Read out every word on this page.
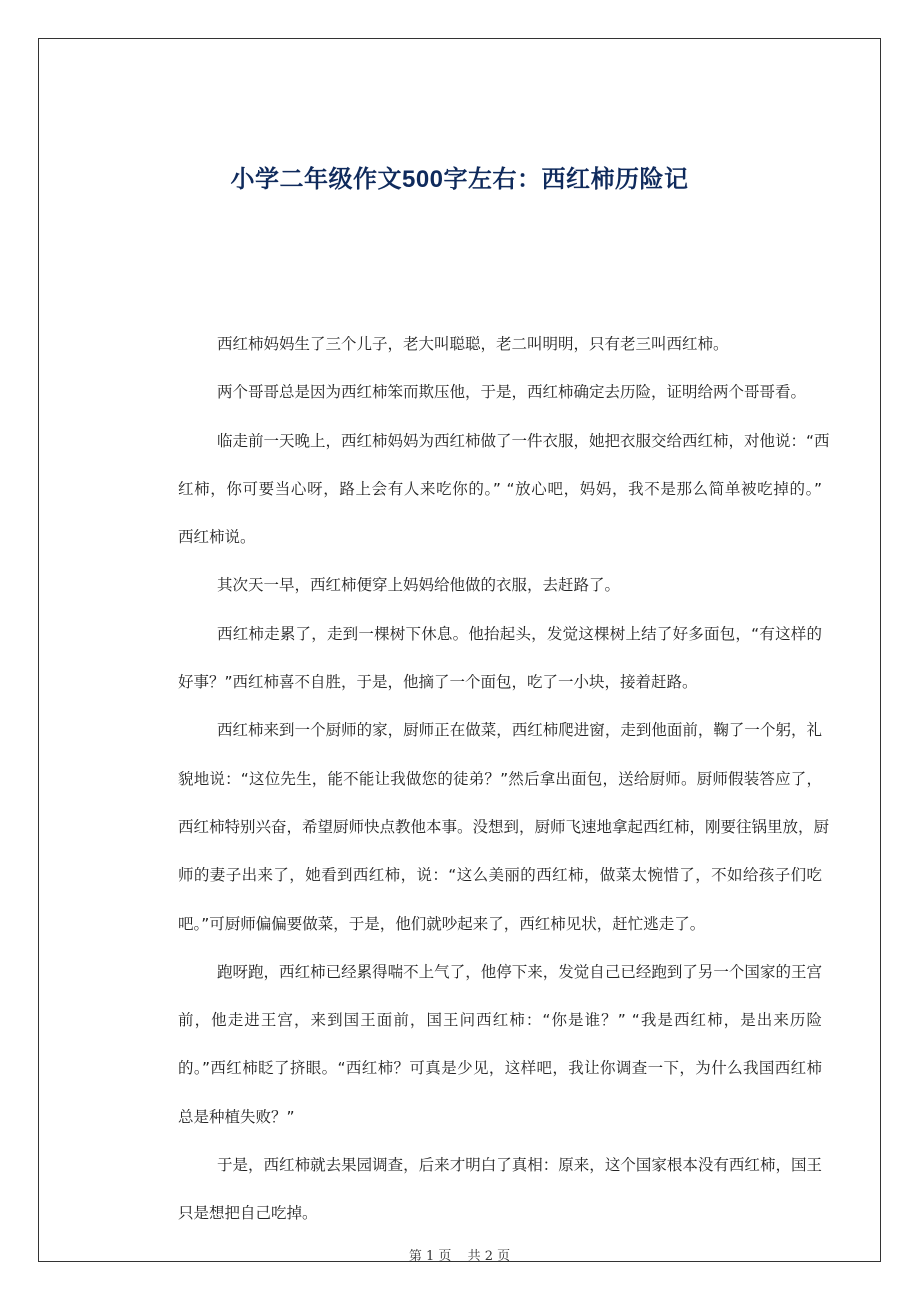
小学二年级作文500字左右：西红柿历险记
西红柿妈妈生了三个儿子，老大叫聪聪，老二叫明明，只有老三叫西红柿。
两个哥哥总是因为西红柿笨而欺压他，于是，西红柿确定去历险，证明给两个哥哥看。
临走前一天晚上，西红柿妈妈为西红柿做了一件衣服，她把衣服交给西红柿，对他说：“西
红柿，你可要当心呀，路上会有人来吃你的。” “放心吧，妈妈，我不是那么简单被吃掉的。”
西红柿说。
其次天一早，西红柿便穿上妈妈给他做的衣服，去赶路了。
西红柿走累了，走到一棵树下休息。他抬起头，发觉这棵树上结了好多面包，“有这样的
好事？”西红柿喜不自胜，于是，他摘了一个面包，吃了一小块，接着赶路。
西红柿来到一个厨师的家，厨师正在做菜，西红柿爬进窗，走到他面前，鞠了一个躬，礼
貌地说：“这位先生，能不能让我做您的徒弟？”然后拿出面包，送给厨师。厨师假装答应了，
西红柿特别兴奋，希望厨师快点教他本事。没想到，厨师飞速地拿起西红柿，刚要往锅里放，厨
师的妻子出来了，她看到西红柿，说：“这么美丽的西红柿，做菜太惋惜了，不如给孩子们吃
吧。”可厨师偏偏要做菜，于是，他们就吵起来了，西红柿见状，赶忙逃走了。
跑呀跑，西红柿已经累得喘不上气了，他停下来，发觉自己已经跑到了另一个国家的王宫
前，他走进王宫，来到国王面前，国王问西红柿：“你是谁？” “我是西红柿，是出来历险
的。”西红柿眨了挤眼。“西红柿？可真是少见，这样吧，我让你调查一下，为什么我国西红柿
总是种植失败？”
于是，西红柿就去果园调查，后来才明白了真相：原来，这个国家根本没有西红柿，国王
只是想把自己吃掉。
第 1 页 共 2 页
